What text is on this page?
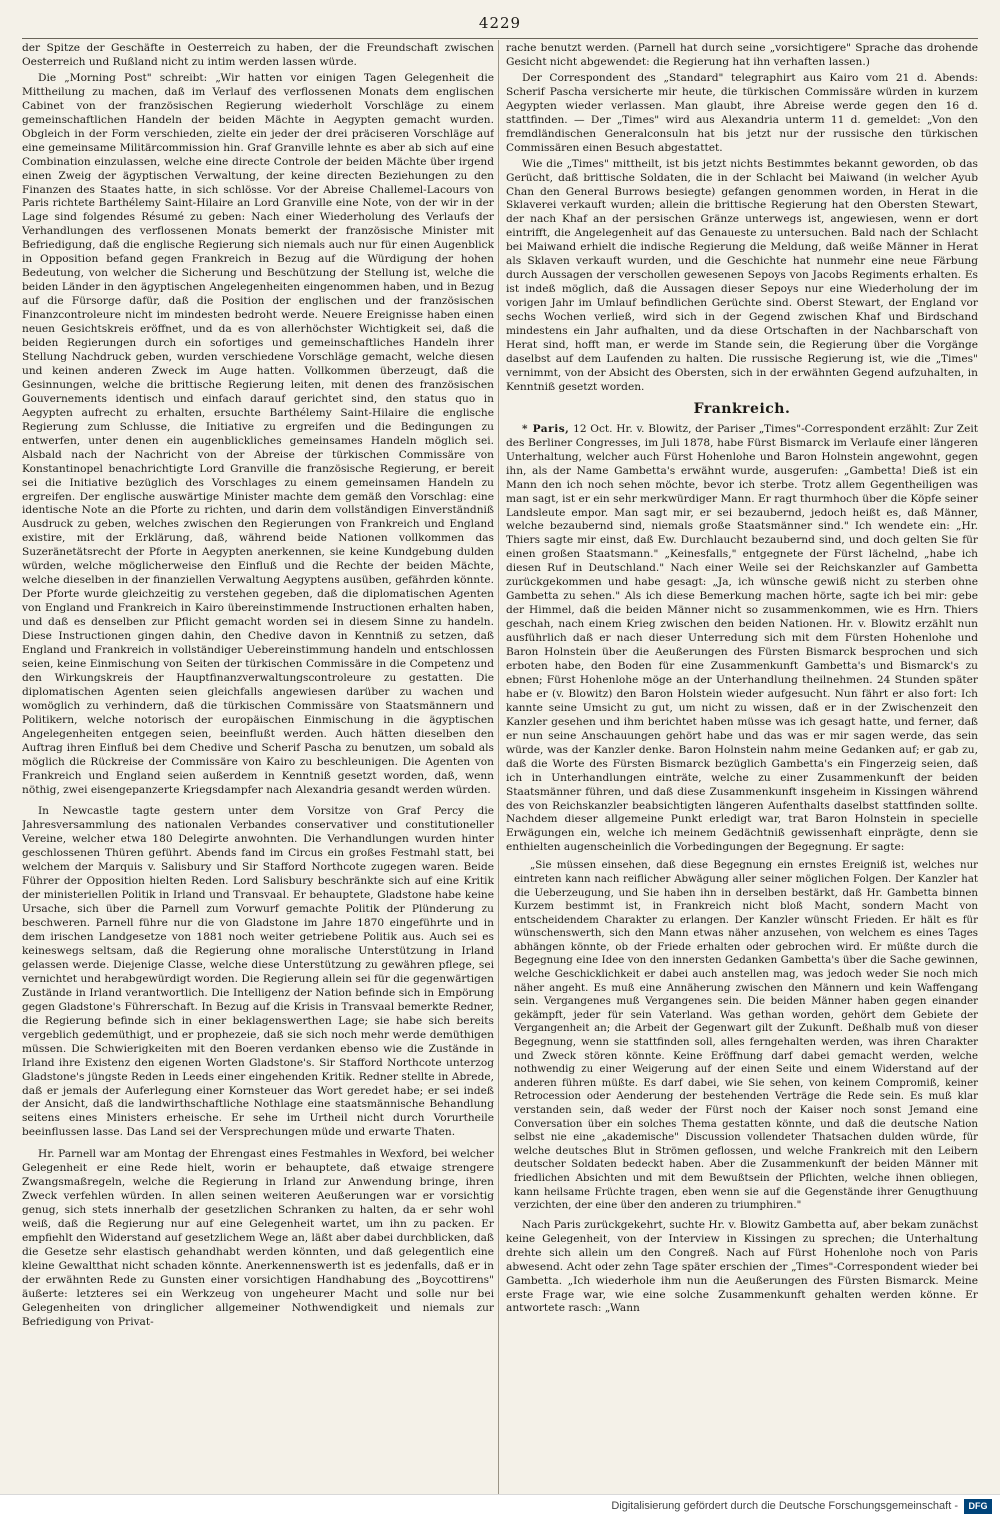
4229

der Spitze der Geschäfte in Oesterreich zu haben, der die Freundschaft zwischen Oesterreich und Rußland nicht zu intim werden lassen würde.

Die „Morning Post" schreibt: „Wir hatten vor einigen Tagen Gelegenheit die Mittheilung zu machen, daß im Verlauf des verflossenen Monats dem englischen Cabinet von der französischen Regierung wiederholt Vorschläge zu einem gemeinschaftlichen Handeln der beiden Mächte in Aegypten gemacht wurden. Obgleich in der Form verschieden, zielte ein jeder der drei präciseren Vorschläge auf eine gemeinsame Militärcommission hin. Graf Granville lehnte es aber ab sich auf eine Combination einzulassen, welche eine directe Controle der beiden Mächte über irgend einen Zweig der ägyptischen Verwaltung, der keine directen Beziehungen zu den Finanzen des Staates hatte, in sich schlösse. Vor der Abreise Challemel-Lacours von Paris richtete Barthélemy Saint-Hilaire an Lord Granville eine Note, von der wir in der Lage sind folgendes Résumé zu geben: Nach einer Wiederholung des Verlaufs der Verhandlungen des verflossenen Monats bemerkt der französische Minister mit Befriedigung, daß die englische Regierung sich niemals auch nur für einen Augenblick in Opposition befand gegen Frankreich in Bezug auf die Würdigung der hohen Bedeutung, von welcher die Sicherung und Beschützung der Stellung ist, welche die beiden Länder in den ägyptischen Angelegenheiten eingenommen haben, und in Bezug auf die Fürsorge dafür, daß die Position der englischen und der französischen Finanzcontroleure nicht im mindesten bedroht werde. Neuere Ereignisse haben einen neuen Gesichtskreis eröffnet, und da es von allerhöchster Wichtigkeit sei, daß die beiden Regierungen durch ein sofortiges und gemeinschaftliches Handeln ihrer Stellung Nachdruck geben, wurden verschiedene Vorschläge gemacht, welche diesen und keinen anderen Zweck im Auge hatten. Vollkommen überzeugt, daß die Gesinnungen, welche die brittische Regierung leiten, mit denen des französischen Gouvernements identisch und einfach darauf gerichtet sind, den status quo in Aegypten aufrecht zu erhalten, ersuchte Barthélemy Saint-Hilaire die englische Regierung zum Schlusse, die Initiative zu ergreifen und die Bedingungen zu entwerfen, unter denen ein augenblickliches gemeinsames Handeln möglich sei. Alsbald nach der Nachricht von der Abreise der türkischen Commissäre von Konstantinopel benachrichtigte Lord Granville die französische Regierung, er bereit sei die Initiative bezüglich des Vorschlages zu einem gemeinsamen Handeln zu ergreifen. Der englische auswärtige Minister machte dem gemäß den Vorschlag: eine identische Note an die Pforte zu richten, und darin dem vollständigen Einverständniß Ausdruck zu geben, welches zwischen den Regierungen von Frankreich und England existire, mit der Erklärung, daß, während beide Nationen vollkommen das Suzeränetätsrecht der Pforte in Aegypten anerkennen, sie keine Kundgebung dulden würden, welche möglicherweise den Einfluß und die Rechte der beiden Mächte, welche dieselben in der finanziellen Verwaltung Aegyptens ausüben, gefährden könnte. Der Pforte wurde gleichzeitig zu verstehen gegeben, daß die diplomatischen Agenten von England und Frankreich in Kairo übereinstimmende Instructionen erhalten haben, und daß es denselben zur Pflicht gemacht worden sei in diesem Sinne zu handeln. Diese Instructionen gingen dahin, den Chedive davon in Kenntniß zu setzen, daß England und Frankreich in vollständiger Uebereinstimmung handeln und entschlossen seien, keine Einmischung von Seiten der türkischen Commissäre in die Competenz und den Wirkungskreis der Hauptfinanzverwaltungscontroleure zu gestatten. Die diplomatischen Agenten seien gleichfalls angewiesen darüber zu wachen und womöglich zu verhindern, daß die türkischen Commissäre von Staatsmännern und Politikern, welche notorisch der europäischen Einmischung in die ägyptischen Angelegenheiten entgegen seien, beeinflußt werden. Auch hätten dieselben den Auftrag ihren Einfluß bei dem Chedive und Scherif Pascha zu benutzen, um sobald als möglich die Rückreise der Commissäre von Kairo zu beschleunigen. Die Agenten von Frankreich und England seien außerdem in Kenntniß gesetzt worden, daß, wenn nöthig, zwei eisengepanzerte Kriegsdampfer nach Alexandria gesandt werden würden.

In Newcastle tagte gestern unter dem Vorsitze von Graf Percy die Jahresversammlung des nationalen Verbandes conservativer und constitutioneller Vereine, welcher etwa 180 Delegirte anwohnten. Die Verhandlungen wurden hinter geschlossenen Thüren geführt. Abends fand im Circus ein großes Festmahl statt, bei welchem der Marquis v. Salisbury und Sir Stafford Northcote zugegen waren. Beide Führer der Opposition hielten Reden. Lord Salisbury beschränkte sich auf eine Kritik der ministeriellen Politik in Irland und Transvaal. Er behauptete, Gladstone habe keine Ursache, sich über die Parnell zum Vorwurf gemachte Politik der Plünderung zu beschweren. Parnell führe nur die von Gladstone im Jahre 1870 eingeführte und in dem irischen Landgesetze von 1881 noch weiter getriebene Politik aus. Auch sei es keineswegs seltsam, daß die Regierung ohne moralische Unterstützung in Irland gelassen werde. Diejenige Classe, welche diese Unterstützung zu gewähren pflege, sei vernichtet und herabgewürdigt worden. Die Regierung allein sei für die gegenwärtigen Zustände in Irland verantwortlich. Die Intelligenz der Nation befinde sich in Empörung gegen Gladstone's Führerschaft. In Bezug auf die Krisis in Transvaal bemerkte Redner, die Regierung befinde sich in einer beklagenswerthen Lage; sie habe sich bereits vergeblich gedemüthigt, und er prophezeie, daß sie sich noch mehr werde demüthigen müssen. Die Schwierigkeiten mit den Boeren verdanken ebenso wie die Zustände in Irland ihre Existenz den eigenen Worten Gladstone's. Sir Stafford Northcote unterzog Gladstone's jüngste Reden in Leeds einer eingehenden Kritik. Redner stellte in Abrede, daß er jemals der Auferlegung einer Kornsteuer das Wort geredet habe; er sei indeß der Ansicht, daß die landwirthschaftliche Nothlage eine staatsmännische Behandlung seitens eines Ministers erheische. Er sehe im Urtheil nicht durch Vorurtheile beeinflussen lasse. Das Land sei der Versprechungen müde und erwarte Thaten.

Hr. Parnell war am Montag der Ehrengast eines Festmahles in Wexford, bei welcher Gelegenheit er eine Rede hielt, worin er behauptete, daß etwaige strengere Zwangsmaßregeln, welche die Regierung in Irland zur Anwendung bringe, ihren Zweck verfehlen würden. In allen seinen weiteren Aeußerungen war er vorsichtig genug, sich stets innerhalb der gesetzlichen Schranken zu halten, da er sehr wohl weiß, daß die Regierung nur auf eine Gelegenheit wartet, um ihn zu packen. Er empfiehlt den Widerstand auf gesetzlichem Wege an, läßt aber dabei durchblicken, daß die Gesetze sehr elastisch gehandhabt werden könnten, und daß gelegentlich eine kleine Gewaltthat nicht schaden könnte. Anerkennenswerth ist es jedenfalls, daß er in der erwähnten Rede zu Gunsten einer vorsichtigen Handhabung des „Boycottirens" äußerte: letzteres sei ein Werkzeug von ungeheurer Macht und solle nur bei Gelegenheiten von dringlicher allgemeiner Nothwendigkeit und niemals zur Befriedigung von Privat-

rache benutzt werden. (Parnell hat durch seine „vorsichtigere" Sprache das drohende Gesicht nicht abgewendet: die Regierung hat ihn verhaften lassen.)

Der Correspondent des „Standard" telegraphirt aus Kairo vom 21 d. Abends: Scherif Pascha versicherte mir heute, die türkischen Commissäre würden in kurzem Aegypten wieder verlassen. Man glaubt, ihre Abreise werde gegen den 16 d. stattfinden. — Der „Times" wird aus Alexandria unterm 11 d. gemeldet: „Von den fremdländischen Generalconsuln hat bis jetzt nur der russische den türkischen Commissären einen Besuch abgestattet.

Wie die „Times" mittheilt, ist bis jetzt nichts Bestimmtes bekannt geworden, ob das Gerücht, daß brittische Soldaten, die in der Schlacht bei Maiwand (in welcher Ayub Chan den General Burrows besiegte) gefangen genommen worden, in Herat in die Sklaverei verkauft wurden; allein die brittische Regierung hat den Obersten Stewart, der nach Khaf an der persischen Gränze unterwegs ist, angewiesen, wenn er dort eintrifft, die Angelegenheit auf das Genaueste zu untersuchen. Bald nach der Schlacht bei Maiwand erhielt die indische Regierung die Meldung, daß weiße Männer in Herat als Sklaven verkauft wurden, und die Geschichte hat nunmehr eine neue Färbung durch Aussagen der verschollen gewesenen Sepoys von Jacobs Regiments erhalten. Es ist indeß möglich, daß die Aussagen dieser Sepoys nur eine Wiederholung der im vorigen Jahr im Umlauf befindlichen Gerüchte sind. Oberst Stewart, der England vor sechs Wochen verließ, wird sich in der Gegend zwischen Khaf und Birdschand mindestens ein Jahr aufhalten, und da diese Ortschaften in der Nachbarschaft von Herat sind, hofft man, er werde im Stande sein, die Regierung über die Vorgänge daselbst auf dem Laufenden zu halten. Die russische Regierung ist, wie die „Times" vernimmt, von der Absicht des Obersten, sich in der erwähnten Gegend aufzuhalten, in Kenntniß gesetzt worden.

Frankreich.

* Paris, 12 Oct. Hr. v. Blowitz, der Pariser „Times"-Correspondent erzählt: Zur Zeit des Berliner Congresses, im Juli 1878, habe Fürst Bismarck im Verlaufe einer längeren Unterhaltung, welcher auch Fürst Hohenlohe und Baron Holnstein angewohnt, gegen ihn, als der Name Gambetta's erwähnt wurde, ausgerufen: „Gambetta! Dieß ist ein Mann den ich noch sehen möchte, bevor ich sterbe. Trotz allem Gegentheiligen was man sagt, ist er ein sehr merkwürdiger Mann. Er ragt thurmhoch über die Köpfe seiner Landsleute empor. Man sagt mir, er sei bezaubernd, jedoch heißt es, daß Männer, welche bezaubernd sind, niemals große Staatsmänner sind." Ich wendete ein: „Hr. Thiers sagte mir einst, daß Ew. Durchlaucht bezaubernd sind, und doch gelten Sie für einen großen Staatsmann." „Keinesfalls," entgegnete der Fürst lächelnd, „habe ich diesen Ruf in Deutschland." Nach einer Weile sei der Reichskanzler auf Gambetta zurückgekommen und habe gesagt: „Ja, ich wünsche gewiß nicht zu sterben ohne Gambetta zu sehen." Als ich diese Bemerkung machen hörte, sagte ich bei mir: gebe der Himmel, daß die beiden Männer nicht so zusammenkommen, wie es Hrn. Thiers geschah, nach einem Krieg zwischen den beiden Nationen. Hr. v. Blowitz erzählt nun ausführlich daß er nach dieser Unterredung sich mit dem Fürsten Hohenlohe und Baron Holnstein über die Aeußerungen des Fürsten Bismarck besprochen und sich erboten habe, den Boden für eine Zusammenkunft Gambetta's und Bismarck's zu ebnen; Fürst Hohenlohe möge an der Unterhandlung theilnehmen. 24 Stunden später habe er (v. Blowitz) den Baron Holstein wieder aufgesucht. Nun fährt er also fort: Ich kannte seine Umsicht zu gut, um nicht zu wissen, daß er in der Zwischenzeit den Kanzler gesehen und ihm berichtet haben müsse was ich gesagt hatte, und ferner, daß er nun seine Anschauungen gehört habe und das was er mir sagen werde, das sein würde, was der Kanzler denke. Baron Holnstein nahm meine Gedanken auf; er gab zu, daß die Worte des Fürsten Bismarck bezüglich Gambetta's ein Fingerzeig seien, daß ich in Unterhandlungen einträte, welche zu einer Zusammenkunft der beiden Staatsmänner führen, und daß diese Zusammenkunft insgeheim in Kissingen während des von Reichskanzler beabsichtigten längeren Aufenthalts daselbst stattfinden sollte. Nachdem dieser allgemeine Punkt erledigt war, trat Baron Holnstein in specielle Erwägungen ein, welche ich meinem Gedächtniß gewissenhaft einprägte, denn sie enthielten augenscheinlich die Vorbedingungen der Begegnung. Er sagte:

„Sie müssen einsehen, daß diese Begegnung ein ernstes Ereigniß ist, welches nur eintreten kann nach reiflicher Abwägung aller seiner möglichen Folgen. Der Kanzler hat die Ueberzeugung, und Sie haben ihn in derselben bestärkt, daß Hr. Gambetta binnen Kurzem bestimmt ist, in Frankreich nicht bloß Macht, sondern Macht von entscheidendem Charakter zu erlangen. Der Kanzler wünscht Frieden. Er hält es für wünschenswerth, sich den Mann etwas näher anzusehen, von welchem es eines Tages abhängen könnte, ob der Friede erhalten oder gebrochen wird. Er müßte durch die Begegnung eine Idee von den innersten Gedanken Gambetta's über die Sache gewinnen, welche Geschicklichkeit er dabei auch anstellen mag, was jedoch weder Sie noch mich näher angeht. Es muß eine Annäherung zwischen den Männern und kein Waffengang sein. Vergangenes muß Vergangenes sein. Die beiden Männer haben gegen einander gekämpft, jeder für sein Vaterland. Was gethan worden, gehört dem Gebiete der Vergangenheit an; die Arbeit der Gegenwart gilt der Zukunft. Deßhalb muß von dieser Begegnung, wenn sie stattfinden soll, alles ferngehalten werden, was ihren Charakter und Zweck stören könnte. Keine Eröffnung darf dabei gemacht werden, welche nothwendig zu einer Weigerung auf der einen Seite und einem Widerstand auf der anderen führen müßte. Es darf dabei, wie Sie sehen, von keinem Compromiß, keiner Retrocession oder Aenderung der bestehenden Verträge die Rede sein. Es muß klar verstanden sein, daß weder der Fürst noch der Kaiser noch sonst Jemand eine Conversation über ein solches Thema gestatten könnte, und daß die deutsche Nation selbst nie eine „akademische" Discussion vollendeter Thatsachen dulden würde, für welche deutsches Blut in Strömen geflossen, und welche Frankreich mit den Leibern deutscher Soldaten bedeckt haben. Aber die Zusammenkunft der beiden Männer mit friedlichen Absichten und mit dem Bewußtsein der Pflichten, welche ihnen obliegen, kann heilsame Früchte tragen, eben wenn sie auf die Gegenstände ihrer Genugthuung verzichten, der eine über den anderen zu triumphiren."

Nach Paris zurückgekehrt, suchte Hr. v. Blowitz Gambetta auf, aber bekam zunächst keine Gelegenheit, von der Interview in Kissingen zu sprechen; die Unterhaltung drehte sich allein um den Congreß. Nach auf Fürst Hohenlohe noch von Paris abwesend. Acht oder zehn Tage später erschien der „Times"-Correspondent wieder bei Gambetta. „Ich wiederhole ihm nun die Aeußerungen des Fürsten Bismarck. Meine erste Frage war, wie eine solche Zusammenkunft gehalten werden könne. Er antwortete rasch: „Wann

Digitalisierung gefördert durch die Deutsche Forschungsgemeinschaft -	DFG
